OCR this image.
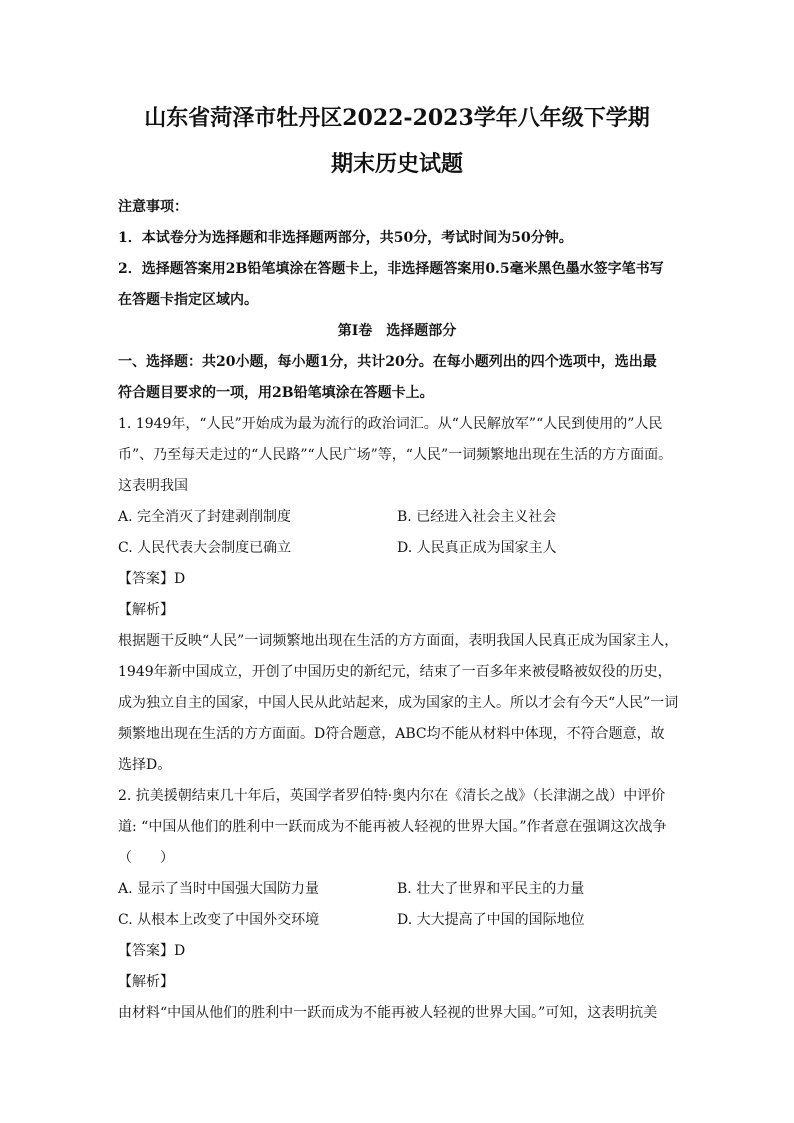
山东省菏泽市牡丹区2022-2023学年八年级下学期
期末历史试题

注意事项：

1．本试卷分为选择题和非选择题两部分，共50分，考试时间为50分钟。

2．选择题答案用2B铅笔填涂在答题卡上，非选择题答案用0.5毫米黑色墨水签字笔书写

在答题卡指定区域内。

第Ⅰ卷　选择题部分

一、选择题：共20小题，每小题1分，共计20分。在每小题列出的四个选项中，选出最

符合题目要求的一项，用2B铅笔填涂在答题卡上。

1. 1949年，“人民”开始成为最为流行的政治词汇。从“人民解放军”“人民到使用的”人民

币”、乃至每天走过的“人民路”“人民广场”等，“人民”一词频繁地出现在生活的方方面面。

这表明我国

A. 完全消灭了封建剥削制度	B. 已经进入社会主义社会
C. 人民代表大会制度已确立	D. 人民真正成为国家主人

【答案】D

【解析】

根据题干反映“人民”一词频繁地出现在生活的方方面面，表明我国人民真正成为国家主人，

1949年新中国成立，开创了中国历史的新纪元，结束了一百多年来被侵略被奴役的历史，

成为独立自主的国家，中国人民从此站起来，成为国家的主人。所以才会有今天“人民”一词

频繁地出现在生活的方方面面。D符合题意，ABC均不能从材料中体现，不符合题意，故

选择D。

2. 抗美援朝结束几十年后，英国学者罗伯特·奥内尔在《清长之战》（长津湖之战）中评价

道: “中国从他们的胜利中一跃而成为不能再被人轻视的世界大国。”作者意在强调这次战争

（　　）

A. 显示了当时中国强大国防力量	B. 壮大了世界和平民主的力量
C. 从根本上改变了中国外交环境	D. 大大提高了中国的国际地位

【答案】D

【解析】

由材料“中国从他们的胜利中一跃而成为不能再被人轻视的世界大国。”可知，这表明抗美
